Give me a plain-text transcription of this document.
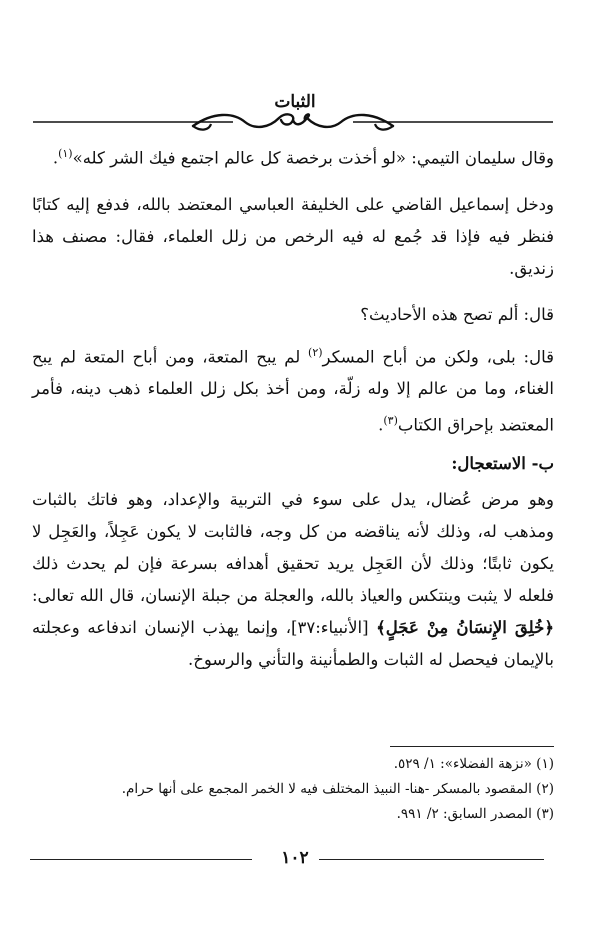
الثبات

وقال سليمان التيمي: «لو أخذت برخصة كل عالم اجتمع فيك الشر كله»$^{(١)}$.

ودخل إسماعيل القاضي على الخليفة العباسي المعتضد بالله، فدفع إليه كتابًا فنظر فيه فإذا قد جُمع له فيه الرخص من زلل العلماء، فقال: مصنف هذا زنديق.

قال: ألم تصح هذه الأحاديث؟

قال: بلى، ولكن من أباح المسكر$^{(٢)}$ لم يبح المتعة، ومن أباح المتعة لم يبح الغناء، وما من عالم إلا وله زلّة، ومن أخذ بكل زلل العلماء ذهب دينه، فأمر المعتضد بإحراق الكتاب$^{(٣)}$.

ب- الاستعجال:

وهو مرض عُضال، يدل على سوء في التربية والإعداد، وهو فاتك بالثبات ومذهب له، وذلك لأنه يناقضه من كل وجه، فالثابت لا يكون عَجِلاً، والعَجِل لا يكون ثابتًا؛ وذلك لأن العَجِل يريد تحقيق أهدافه بسرعة فإن لم يحدث ذلك فلعله لا يثبت وينتكس والعياذ بالله، والعجلة من جبلة الإنسان، قال الله تعالى: ﴿خُلِقَ الإِنسَانُ مِنْ عَجَلٍ﴾ [الأنبياء:٣٧]، وإنما يهذب الإنسان اندفاعه وعجلته بالإيمان فيحصل له الثبات والطمأنينة والتأني والرسوخ.

(١) «نزهة الفضلاء»: ١/ ٥٢٩.
(٢) المقصود بالمسكر -هنا- النبيذ المختلف فيه لا الخمر المجمع على أنها حرام.
(٣) المصدر السابق: ٢/ ٩٩١.
١٠٢
